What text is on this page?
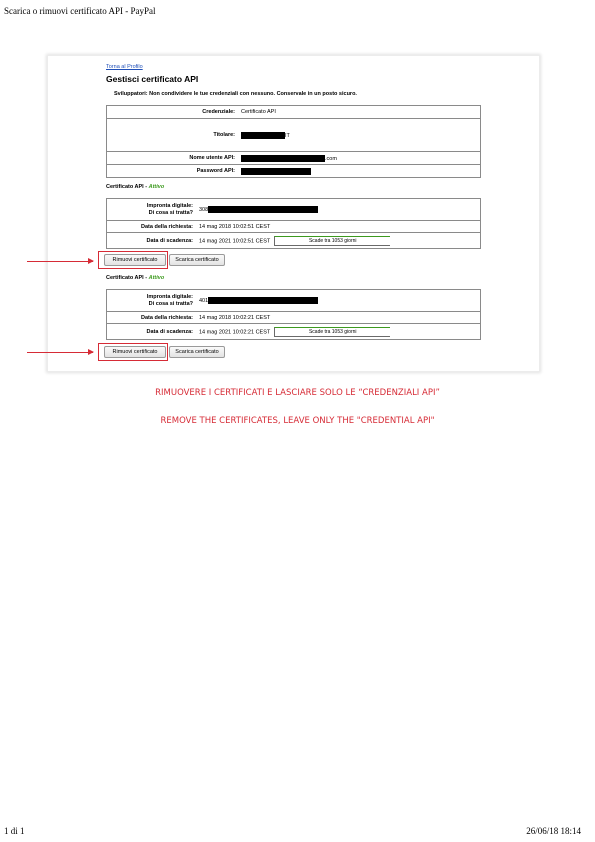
Scarica o rimuovi certificato API - PayPal
Torna al Profilo
Gestisci certificato API
Sviluppatori: Non condividere le tue credenziali con nessuno. Conservale in un posto sicuro.
Credenziale:	Certificato API
Titolare:	IT
Nome utente API:	.com
Password API:	
Certificato API - Attivo
Impronta digitale:
Di cosa si tratta?	308
Data della richiesta:	14 mag 2018 10:02:51 CEST
Data di scadenza:	14 mag 2021 10:02:51 CEST Scade tra 1053 giorni
Rimuovi certificato	Scarica certificato
Certificato API - Attivo
Impronta digitale:
Di cosa si tratta?	401
Data della richiesta:	14 mag 2018 10:02:21 CEST
Data di scadenza:	14 mag 2021 10:02:21 CEST Scade tra 1053 giorni
Rimuovi certificato	Scarica certificato
RIMUOVERE I CERTIFICATI E LASCIARE SOLO LE “CREDENZIALI API”
REMOVE THE CERTIFICATES, LEAVE ONLY THE "CREDENTIAL API"
1 di 1	26/06/18 18:14
